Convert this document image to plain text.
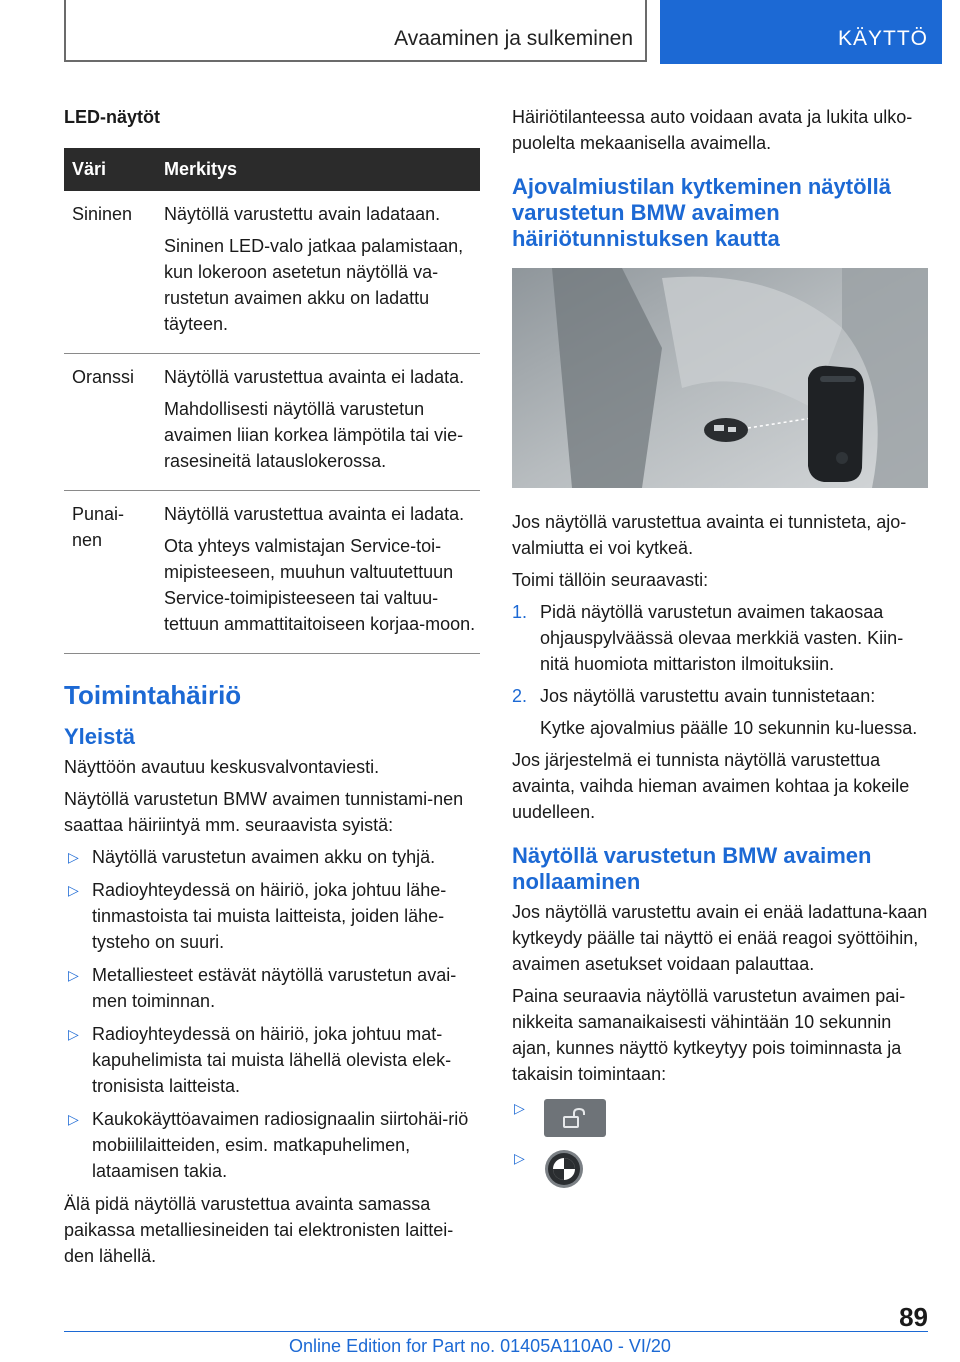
Avaaminen ja sulkeminen	KÄYTTÖ
LED-näytöt
Väri	Merkitys
Sininen	Näytöllä varustettu avain ladataan.

Sininen LED-valo jatkaa palamistaan, kun lokeroon asetetun näytöllä va-rustetun avaimen akku on ladattu täyteen.

Oranssi	Näytöllä varustettua avainta ei ladata.

Mahdollisesti näytöllä varustetun avaimen liian korkea lämpötila tai vie-rasesineitä latauslokerossa.

Punai-nen	Näytöllä varustettua avainta ei ladata.

Ota yhteys valmistajan Service-toi-mipisteeseen, muuhun valtuutettuun Service-toimipisteeseen tai valtuu-tettuun ammattitaitoiseen korjaa-moon.

Toimintahäiriö
Yleistä

Näyttöön avautuu keskusvalvontaviesti.

Näytöllä varustetun BMW avaimen tunnistami-nen saattaa häiriintyä mm. seuraavista syistä:

▷ Näytöllä varustetun avaimen akku on tyhjä.
▷ Radioyhteydessä on häiriö, joka johtuu lähe-tinmastoista tai muista laitteista, joiden lähe-tysteho on suuri.
▷ Metalliesteet estävät näytöllä varustetun avai-men toiminnan.
▷ Radioyhteydessä on häiriö, joka johtuu mat-kapuhelimista tai muista lähellä olevista elek-tronisista laitteista.
▷ Kaukokäyttöavaimen radiosignaalin siirtohäi-riö mobiililaitteiden, esim. matkapuhelimen, lataamisen takia.

Älä pidä näytöllä varustettua avainta samassa paikassa metalliesineiden tai elektronisten laittei-den lähellä.

Häiriötilanteessa auto voidaan avata ja lukita ulko-puolelta mekaanisella avaimella.

Ajovalmiustilan kytkeminen näytöllä varustetun BMW avaimen häiriötunnistuksen kautta

Jos näytöllä varustettua avainta ei tunnisteta, ajo-valmiutta ei voi kytkeä.

Toimi tällöin seuraavasti:

1. Pidä näytöllä varustetun avaimen takaosaa ohjauspylväässä olevaa merkkiä vasten. Kiin-nitä huomiota mittariston ilmoituksiin.

2. Jos näytöllä varustettu avain tunnistetaan:

Kytke ajovalmius päälle 10 sekunnin ku-luessa.

Jos järjestelmä ei tunnista näytöllä varustettua avainta, vaihda hieman avaimen kohtaa ja kokeile uudelleen.

Näytöllä varustetun BMW avaimen nollaaminen

Jos näytöllä varustettu avain ei enää ladattuna-kaan kytkeydy päälle tai näyttö ei enää reagoi syöttöihin, avaimen asetukset voidaan palauttaa.

Paina seuraavia näytöllä varustetun avaimen pai-nikkeita samanaikaisesti vähintään 10 sekunnin ajan, kunnes näyttö kytkeytyy pois toiminnasta ja takaisin toimintaan:

▷
▷
89
Online Edition for Part no. 01405A110A0 - VI/20
